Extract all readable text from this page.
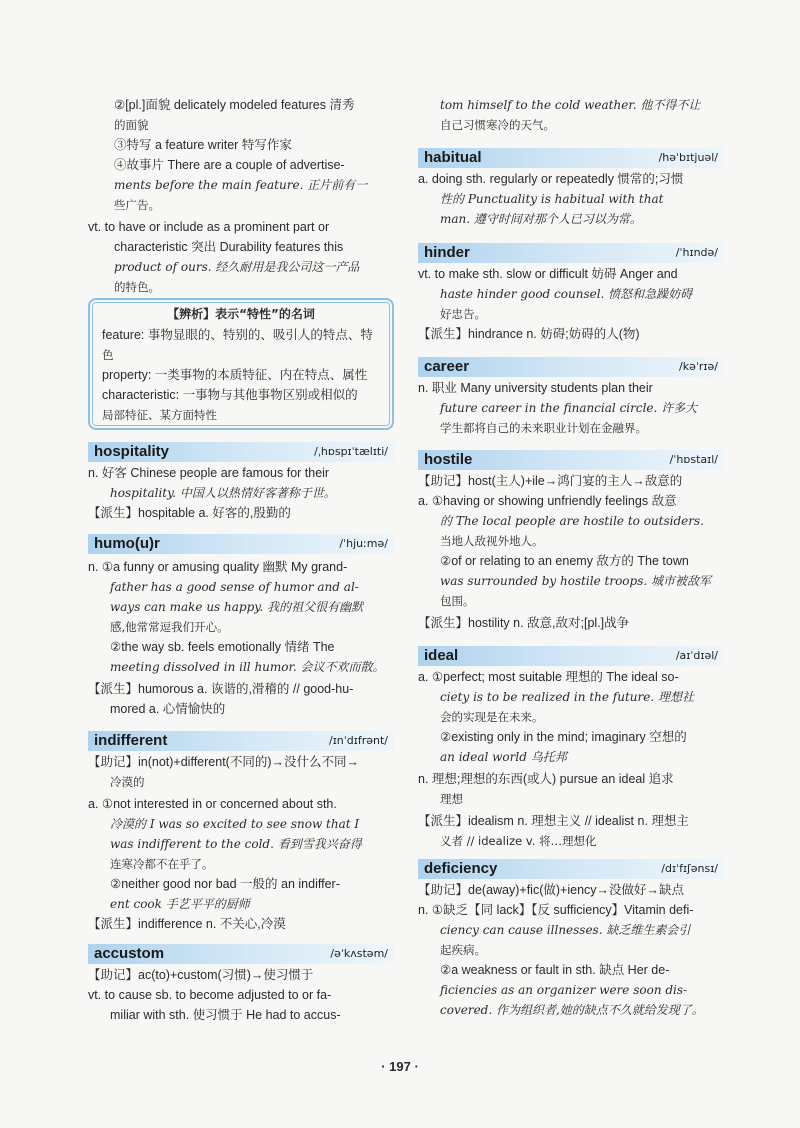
②[pl.]面貌 delicately modeled features 清秀
的面貌
③特写 a feature writer 特写作家
④故事片 There are a couple of advertise-
ments before the main feature. 正片前有一
些广告。
vt. to have or include as a prominent part or
characteristic 突出 Durability features this
product of ours. 经久耐用是我公司这一产品
的特色。
【辨析】表示“特性”的名词
feature: 事物显眼的、特别的、吸引人的特点、特
色
property: 一类事物的本质特征、内在特点、属性
characteristic: 一事物与其他事物区别或相似的
局部特征、某方面特性
hospitality	/ˌhɒspɪˈtælɪti/
n. 好客 Chinese people are famous for their
hospitality. 中国人以热情好客著称于世。
【派生】hospitable a. 好客的,殷勤的
humo(u)r	/ˈhjuːmə/
n. ①a funny or amusing quality 幽默 My grand-
father has a good sense of humor and al-
ways can make us happy. 我的祖父很有幽默
感,他常常逗我们开心。
②the way sb. feels emotionally 情绪 The
meeting dissolved in ill humor. 会议不欢而散。
【派生】humorous a. 诙谐的,滑稽的 // good-hu-
mored a. 心情愉快的
indifferent	/ɪnˈdɪfrənt/
【助记】in(not)+different(不同的)→没什么不同→
冷漠的
a. ①not interested in or concerned about sth.
冷漠的 I was so excited to see snow that I
was indifferent to the cold. 看到雪我兴奋得
连寒冷都不在乎了。
②neither good nor bad 一般的 an indiffer-
ent cook 手艺平平的厨师
【派生】indifference n. 不关心,冷漠
accustom	/əˈkʌstəm/
【助记】ac(to)+custom(习惯)→使习惯于
vt. to cause sb. to become adjusted to or fa-
miliar with sth. 使习惯于 He had to accus-
tom himself to the cold weather. 他不得不让
自己习惯寒冷的天气。
habitual	/həˈbɪtjuəl/
a. doing sth. regularly or repeatedly 惯常的;习惯
性的 Punctuality is habitual with that
man. 遵守时间对那个人已习以为常。
hinder	/ˈhɪndə/
vt. to make sth. slow or difficult 妨碍 Anger and
haste hinder good counsel. 愤怒和急躁妨碍
好忠告。
【派生】hindrance n. 妨碍;妨碍的人(物)
career	/kəˈrɪə/
n. 职业 Many university students plan their
future career in the financial circle. 许多大
学生都将自己的未来职业计划在金融界。
hostile	/ˈhɒstaɪl/
【助记】host(主人)+ile→鸿门宴的主人→敌意的
a. ①having or showing unfriendly feelings 敌意
的 The local people are hostile to outsiders.
当地人敌视外地人。
②of or relating to an enemy 敌方的 The town
was surrounded by hostile troops. 城市被敌军
包围。
【派生】hostility n. 敌意,敌对;[pl.]战争
ideal	/aɪˈdɪəl/
a. ①perfect; most suitable 理想的 The ideal so-
ciety is to be realized in the future. 理想社
会的实现是在未来。
②existing only in the mind; imaginary 空想的
an ideal world 乌托邦
n. 理想;理想的东西(或人) pursue an ideal 追求
理想
【派生】idealism n. 理想主义 // idealist n. 理想主
义者 // idealize v. 将…理想化
deficiency	/dɪˈfɪʃənsɪ/
【助记】de(away)+fic(做)+iency→没做好→缺点
n. ①缺乏【同 lack】【反 sufficiency】Vitamin defi-
ciency can cause illnesses. 缺乏维生素会引
起疾病。
②a weakness or fault in sth. 缺点 Her de-
ficiencies as an organizer were soon dis-
covered. 作为组织者,她的缺点不久就给发现了。
· 197 ·
